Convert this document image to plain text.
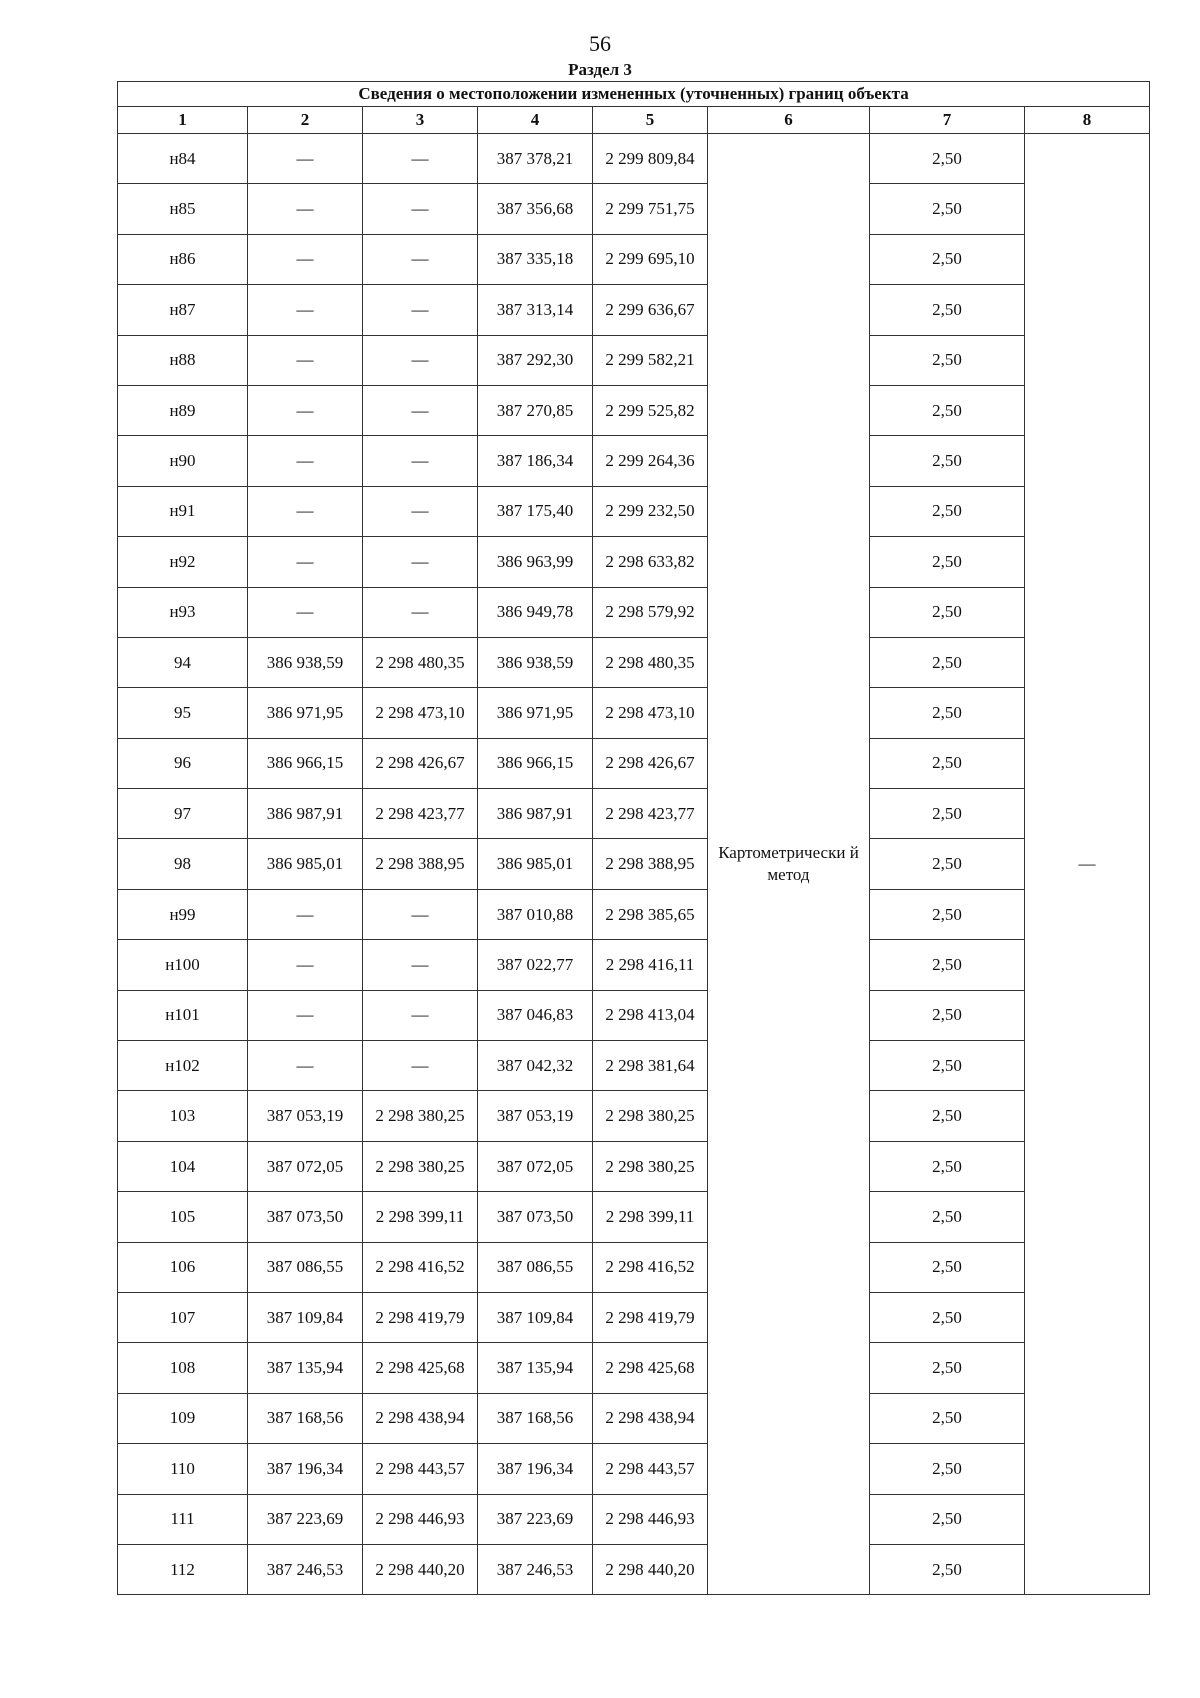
56
Раздел 3
Сведения о местоположении измененных (уточненных) границ объекта							
1	2	3	4	5	6	7	8
н84	—	—	387 378,21	2 299 809,84	Картометрически й метод	2,50	—
н85	—	—	387 356,68	2 299 751,75		2,50	
н86	—	—	387 335,18	2 299 695,10		2,50	
н87	—	—	387 313,14	2 299 636,67		2,50	
н88	—	—	387 292,30	2 299 582,21		2,50	
н89	—	—	387 270,85	2 299 525,82		2,50	
н90	—	—	387 186,34	2 299 264,36		2,50	
н91	—	—	387 175,40	2 299 232,50		2,50	
н92	—	—	386 963,99	2 298 633,82		2,50	
н93	—	—	386 949,78	2 298 579,92		2,50	
94	386 938,59	2 298 480,35	386 938,59	2 298 480,35		2,50	
95	386 971,95	2 298 473,10	386 971,95	2 298 473,10		2,50	
96	386 966,15	2 298 426,67	386 966,15	2 298 426,67		2,50	
97	386 987,91	2 298 423,77	386 987,91	2 298 423,77		2,50	
98	386 985,01	2 298 388,95	386 985,01	2 298 388,95		2,50	
н99	—	—	387 010,88	2 298 385,65		2,50	
н100	—	—	387 022,77	2 298 416,11		2,50	
н101	—	—	387 046,83	2 298 413,04		2,50	
н102	—	—	387 042,32	2 298 381,64		2,50	
103	387 053,19	2 298 380,25	387 053,19	2 298 380,25		2,50	
104	387 072,05	2 298 380,25	387 072,05	2 298 380,25		2,50	
105	387 073,50	2 298 399,11	387 073,50	2 298 399,11		2,50	
106	387 086,55	2 298 416,52	387 086,55	2 298 416,52		2,50	
107	387 109,84	2 298 419,79	387 109,84	2 298 419,79		2,50	
108	387 135,94	2 298 425,68	387 135,94	2 298 425,68		2,50	
109	387 168,56	2 298 438,94	387 168,56	2 298 438,94		2,50	
110	387 196,34	2 298 443,57	387 196,34	2 298 443,57		2,50	
111	387 223,69	2 298 446,93	387 223,69	2 298 446,93		2,50	
112	387 246,53	2 298 440,20	387 246,53	2 298 440,20		2,50	
